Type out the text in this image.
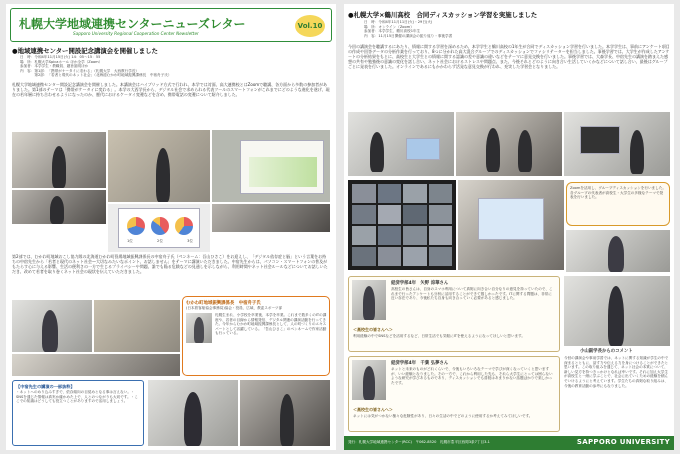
札幌大学地域連携センターニューズレター
Sapporo University Regional Cooperation Center Newsletter
Vol.10
●地域連携センター開設記念講演会を開催しました
日　時：令和4年11月15日(火) 14：05～15：55
場　所：札幌大学Spicaホール ほか全学（Zoom）
参加者：本学学生・教職員、趣旨説明ほか
内　容：第1部：「携帯がケータイに変わる」（札幌大学　大西教行学長）
　　　　第2部：「若者と現代のネット社会」（北海道むかわ町地域振興課係長　中宿舟子氏）
札幌大学地域連携センター開設記念講演会を開催しました。本講演会はハイブリッド方式で行われ、本学では対面、高大連携校とはZoomで聴講、各方面から多数の参加者がありました。第1部のテーマは「携帯がケータイに変わる」。本学の大西学長から、デジタル社会で求められる代表ツールのスマートフォンがこれまでにどのような進化を遂げ、現在の若年層に持ち合わせるようになったのか、歴代におけるケータイ変遷などを含め、携帯電話の変遷について紹介しました。
1位	2位	3位
第2部では、むかわ町地域おこし協力隊の北海道むかわ町役場地域振興課係長の中宿舟子氏（ペンネーム：吾山ひさこ）をお迎えし、「デジタル依存症と脳」という言葉をお持ちの中宿先生から「若者と現代のネット社会—大切なみたいなポイント、お話しません」をテーマに講演いただきました。中宿先生からは、パソコン・スマートフォンの普及がもたらす心に与える影響、生活の便利さの一方で生じるプライバシーや問題、誰でも陥る危険などの見通しを示しながら、利用時間やネット社会ルールなどについてお話しいただき、改めて若者を取り巻くネット社会の現状を伝えていただきました。
むかわ町地域振興課係長　中宿舟子氏
(日本旅客船協会事務局)協会・役員、広域、教委スポーツ部
札幌生まれ、小学校を卒業後、本学を卒業。これまで数多くのITの講座や、若者の目線から情報発信、デジタル関連の講演活動を行ってきた。今年からむかわ町地域振興課係長として、人の町づくりのエキスパートとして活躍している。「吾山ひさこ」のペンネームで作家活動も行っている。
【中宿先生の講演の一部抜粋】
・ネットへのめり込みすぎで、依存傾向の目覚めとなる事は言えない。・SNSを通じた情報は真実か確かめた上で、人とのつながりも大切です。・ここでの知識はどうしても役立つことがありますので活用しましょう。
●札幌大学×鶴川高校　合同ディスカッション学習を実施しました
日　時：令和4年11月11日(火)・29日(火)
場　所：オンライン（Zoom）
参加者：本学学生、鶴川高校1年生
内　容：11月15日開催の講演会の振り返り・事後学習
今回の講演会を聴講するにあたり、情報に関する学習を深めるため、本学学生と鶴川高校の1年生が合同でディスカッション学習を行いました。本学学生は、事前にアンケート項目の作成や回答データの分析作業を行っており、8つに分かれた高大混合グループでのディスカッションでファシリテーターを担当しました。事後学習では、大学生が作成したアンケートの分析結果をもとに、高校生と大学生との情報に関する認識の差や意識の違いなどをテーマに意見交換を行いました。事後学習では、大森学長、中宿先生の講演を踏まえた感想の共有や勉強後の意識の変化を話し合い、ネット社会におけるストレスや問題点、また、今後それとどのように向き合い生活していくかなどについて話し合い、最後はグループごとに発表を行いました。オンラインであるにもかかわらず活発な意見交換が行われ、充実した学習会となりました。
Zoomを活用し、グループディスカッションを行いました。各グループの代表者が高校生・大学生の多様なテーマで発表を行いました。
経済学部4年　矢野 涼華さん
高校生の皆さんは、自身のスマホ利用について真剣に向き合い自分なりの意見を持っていたので、これまで行ったアンケートも分析に活用することができて嬉しかったです。ITに関する問題は、非常に近い存在であり、今後私たち自身も向き合っていく必要があると感じました。
＜高校生の皆さんへ＞
利用経験の中でSNSなどを活用するなど、日常生活でも気軽にITを使えるようになってほしいと思います。
経済学部4年　千葉 弘夢さん
ネットと未来のものがどれくらいで、今後もいろいろなテーマで学びが深くなっていくと思いますが、いい経験となりました。その一方で、これから利用した先も、それら大学生にとっては困らないような研究が学びあるものであり、ディスカッションでも普段はあまりかない話題ばかりで楽しかったです。
＜高校生の皆さんへ＞
ネットには気がつかない様々な危険性があり、日々の生活の中でどのように使用するか考えてみてほしいです。
小山副学長からのコメント
今回の講演会や事前学習では、ネットに関する知識が学生の中で深まるとともに、話す力や伝える力を身につけることができたと思います。この取り組みを通じて、ネット社会の本質について、新しい見方を持つきっかけとなれば幸いです。それに加え大学生が高校生と一緒に学ぶことで、社会に出ていくための経験を積んでいけるようにと考えています。学生たちの真剣な取り組みは、今後の教育活動の参考にもなりました。
発行：札幌大学地域連携センター(RCC)　〒062-8520　札幌市豊平区西岡3条7丁目3-1	SAPPORO UNIVERSITY
